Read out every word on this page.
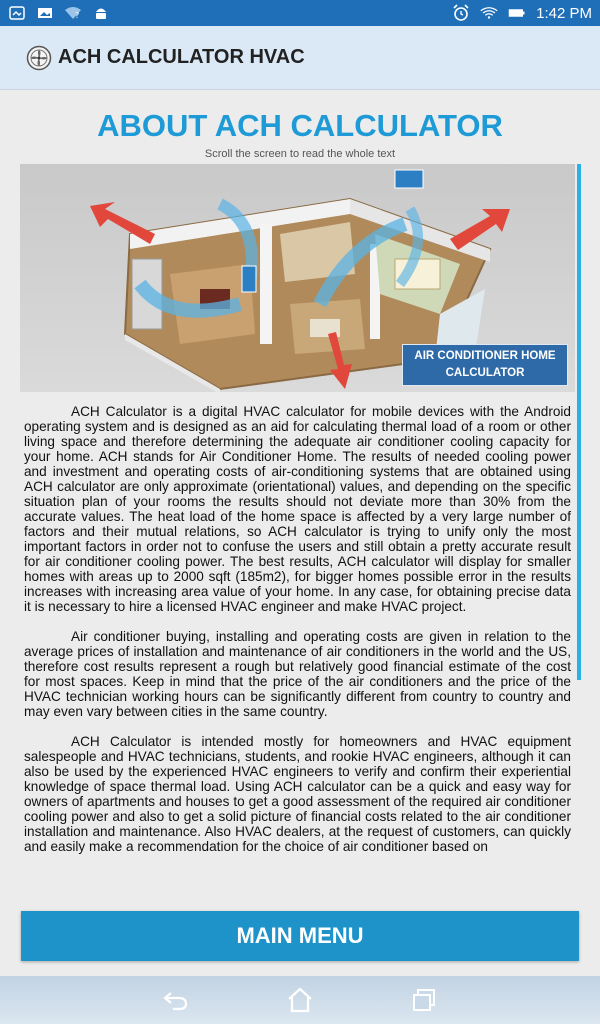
?	1:42 PM
ACH CALCULATOR HVAC
ABOUT ACH CALCULATOR
Scroll the screen to read the whole text
AIR CONDITIONER HOME
CALCULATOR

ACH Calculator is a digital HVAC calculator for mobile devices with the Android operating system and is designed as an aid for calculating thermal load of a room or other living space and therefore determining the adequate air conditioner cooling capacity for your home. ACH stands for Air Conditioner Home. The results of needed cooling power and investment and operating costs of air-conditioning systems that are obtained using ACH calculator are only approximate (orientational) values, and depending on the specific situation plan of your rooms the results should not deviate more than 30% from the accurate values. The heat load of the home space is affected by a very large number of factors and their mutual relations, so ACH calculator is trying to unify only the most important factors in order not to confuse the users and still obtain a pretty accurate result for air conditioner cooling power. The best results, ACH calculator will display for smaller homes with areas up to 2000 sqft (185m2), for bigger homes possible error in the results increases with increasing area value of your home. In any case, for obtaining precise data it is necessary to hire a licensed HVAC engineer and make HVAC project.

Air conditioner buying, installing and operating costs are given in relation to the average prices of installation and maintenance of air conditioners in the world and the US, therefore cost results represent a rough but relatively good financial estimate of the cost for most spaces. Keep in mind that the price of the air conditioners and the price of the HVAC technician working hours can be significantly different from country to country and may even vary between cities in the same country.

ACH Calculator is intended mostly for homeowners and HVAC equipment salespeople and HVAC technicians, students, and rookie HVAC engineers, although it can also be used by the experienced HVAC engineers to verify and confirm their experiential knowledge of space thermal load. Using ACH calculator can be a quick and easy way for owners of apartments and houses to get a good assessment of the required air conditioner cooling power and also to get a solid picture of financial costs related to the air conditioner installation and maintenance. Also HVAC dealers, at the request of customers, can quickly and easily make a recommendation for the choice of air conditioner based on

MAIN MENU
